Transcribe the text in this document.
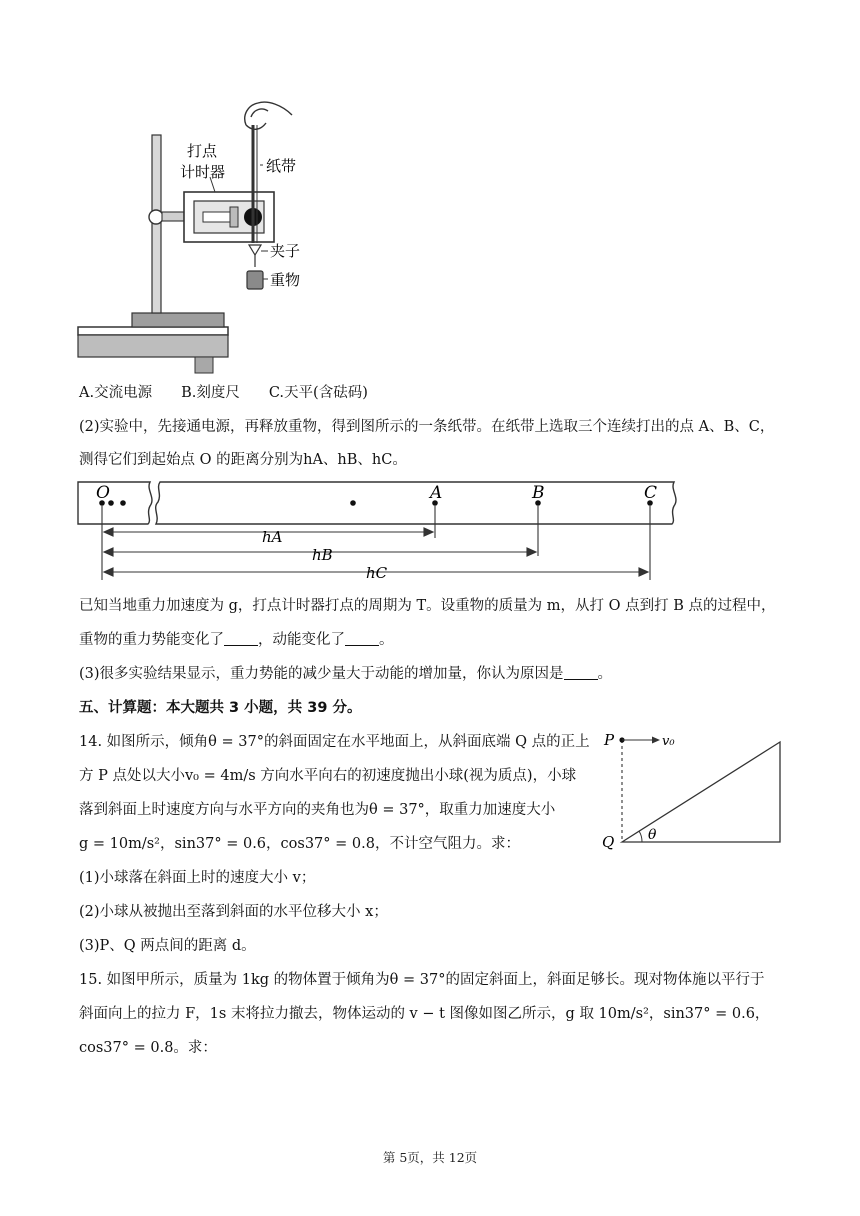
打点
计时器	纸带
夹子
重物
A.交流电源　　B.刻度尺　　C.天平(含砝码)
(2)实验中，先接通电源，再释放重物，得到图所示的一条纸带。在纸带上选取三个连续打出的点 A、B、C，
测得它们到起始点 O 的距离分别为hA、hB、hC。
O	A	B	C
hA
hB
hC
已知当地重力加速度为 g，打点计时器打点的周期为 T。设重物的质量为 m，从打 O 点到打 B 点的过程中，
重物的重力势能变化了 ，动能变化了 。
(3)很多实验结果显示，重力势能的减少量大于动能的增加量，你认为原因是 。
五、计算题：本大题共 3 小题，共 39 分。
14. 如图所示，倾角θ = 37°的斜面固定在水平地面上，从斜面底端 Q 点的正上
方 P 点处以大小v₀ = 4m/s 方向水平向右的初速度抛出小球(视为质点)，小球
落到斜面上时速度方向与水平方向的夹角也为θ = 37°，取重力加速度大小
g = 10m/s²，sin37° = 0.6，cos37° = 0.8，不计空气阻力。求：
(1)小球落在斜面上时的速度大小 v；
(2)小球从被抛出至落到斜面的水平位移大小 x；
(3)P、Q 两点间的距离 d。
P	v₀
Q θ
15. 如图甲所示，质量为 1kg 的物体置于倾角为θ = 37°的固定斜面上，斜面足够长。现对物体施以平行于
斜面向上的拉力 F，1s 末将拉力撤去，物体运动的 v − t 图像如图乙所示，g 取 10m/s²，sin37° = 0.6，
cos37° = 0.8。求：
第 5页，共 12页
